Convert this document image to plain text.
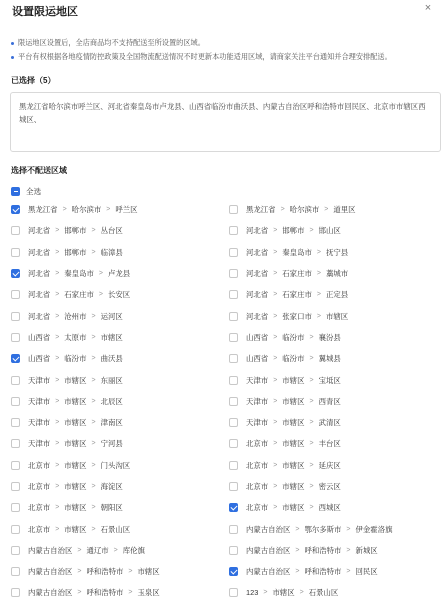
设置限运地区	×
限运地区设置后，全店商品均不支持配送至所设置的区域。
平台有权根据各地疫情防控政策及全国物流配送情况不时更新本功能适用区域，请商家关注平台通知并合理安排配送。
已选择（5）
黑龙江省哈尔滨市呼兰区、河北省秦皇岛市卢龙县、山西省临汾市曲沃县、内蒙古自治区呼和浩特市回民区、北京市市辖区西城区、
选择不配送区域
全选
黑龙江省 > 哈尔滨市 > 呼兰区	黑龙江省 > 哈尔滨市 > 道里区
河北省 > 邯郸市 > 丛台区	河北省 > 邯郸市 > 邯山区
河北省 > 邯郸市 > 临漳县	河北省 > 秦皇岛市 > 抚宁县
河北省 > 秦皇岛市 > 卢龙县	河北省 > 石家庄市 > 藁城市
河北省 > 石家庄市 > 长安区	河北省 > 石家庄市 > 正定县
河北省 > 沧州市 > 运河区	河北省 > 张家口市 > 市辖区
山西省 > 太原市 > 市辖区	山西省 > 临汾市 > 襄汾县
山西省 > 临汾市 > 曲沃县	山西省 > 临汾市 > 翼城县
天津市 > 市辖区 > 东丽区	天津市 > 市辖区 > 宝坻区
天津市 > 市辖区 > 北辰区	天津市 > 市辖区 > 西青区
天津市 > 市辖区 > 津南区	天津市 > 市辖区 > 武清区
天津市 > 市辖区 > 宁河县	北京市 > 市辖区 > 丰台区
北京市 > 市辖区 > 门头沟区	北京市 > 市辖区 > 延庆区
北京市 > 市辖区 > 海淀区	北京市 > 市辖区 > 密云区
北京市 > 市辖区 > 朝阳区	北京市 > 市辖区 > 西城区
北京市 > 市辖区 > 石景山区	内蒙古自治区 > 鄂尔多斯市 > 伊金霍洛旗
内蒙古自治区 > 通辽市 > 库伦旗	内蒙古自治区 > 呼和浩特市 > 新城区
内蒙古自治区 > 呼和浩特市 > 市辖区	内蒙古自治区 > 呼和浩特市 > 回民区
内蒙古自治区 > 呼和浩特市 > 玉泉区	123 > 市辖区 > 石景山区
